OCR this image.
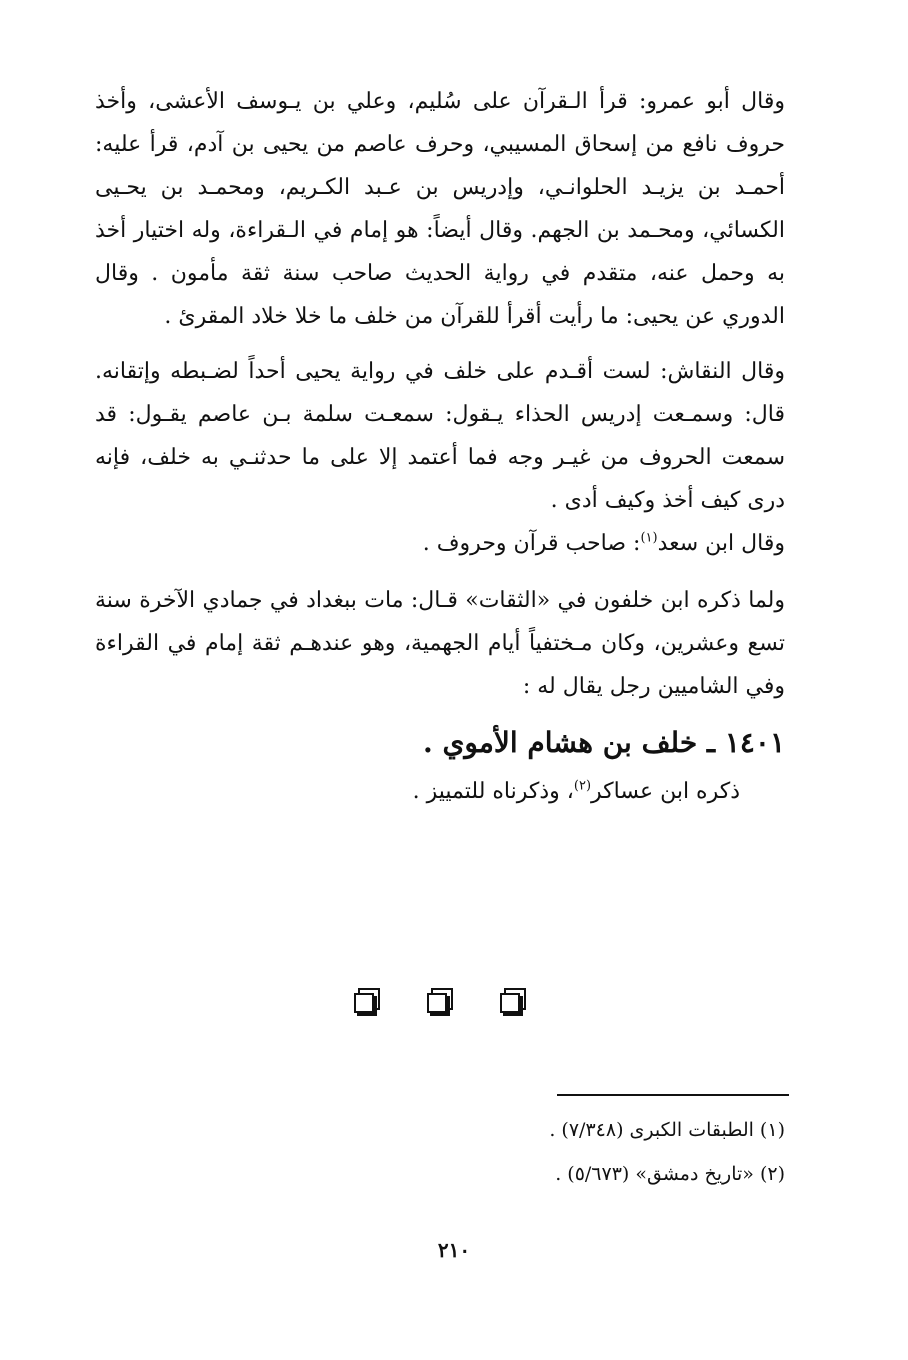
وقال أبو عمرو: قرأ الـقرآن على سُليم، وعلي بن يـوسف الأعشى، وأخذ حروف نافع من إسحاق المسيبي، وحرف عاصم من يحيى بن آدم، قرأ عليه: أحمـد بن يزيـد الحلوانـي، وإدريس بن عـبد الكـريم، ومحمـد بن يحـيى الكسائي، ومحـمد بن الجهم. وقال أيضاً: هو إمام في الـقراءة، وله اختيار أخذ به وحمل عنه، متقدم في رواية الحديث صاحب سنة ثقة مأمون . وقال الدوري عن يحيى: ما رأيت أقرأ للقرآن من خلف ما خلا خلاد المقرئ .
وقال النقاش: لست أقـدم على خلف في رواية يحيى أحداً لضـبطه وإتقانه. قال: وسمـعت إدريس الحذاء يـقول: سمعـت سلمة بـن عاصم يقـول: قد سمعت الحروف من غيـر وجه فما أعتمد إلا على ما حدثنـي به خلف، فإنه درى كيف أخذ وكيف أدى .
وقال ابن سعد$^{(١)}$: صاحب قرآن وحروف .
ولما ذكره ابن خلفون في «الثقات» قـال: مات ببغداد في جمادي الآخرة سنة تسع وعشرين، وكان مـختفياً أيام الجهمية، وهو عندهـم ثقة إمام في القراءة وفي الشاميين رجل يقال له :
١٤٠١ ـ خلف بن هشام الأموي .
ذكره ابن عساكر$^{(٢)}$، وذكرناه للتمييز .
(١) الطبقات الكبرى (٧/٣٤٨) .
(٢) «تاريخ دمشق» (٥/٦٧٣) .
٢١٠
